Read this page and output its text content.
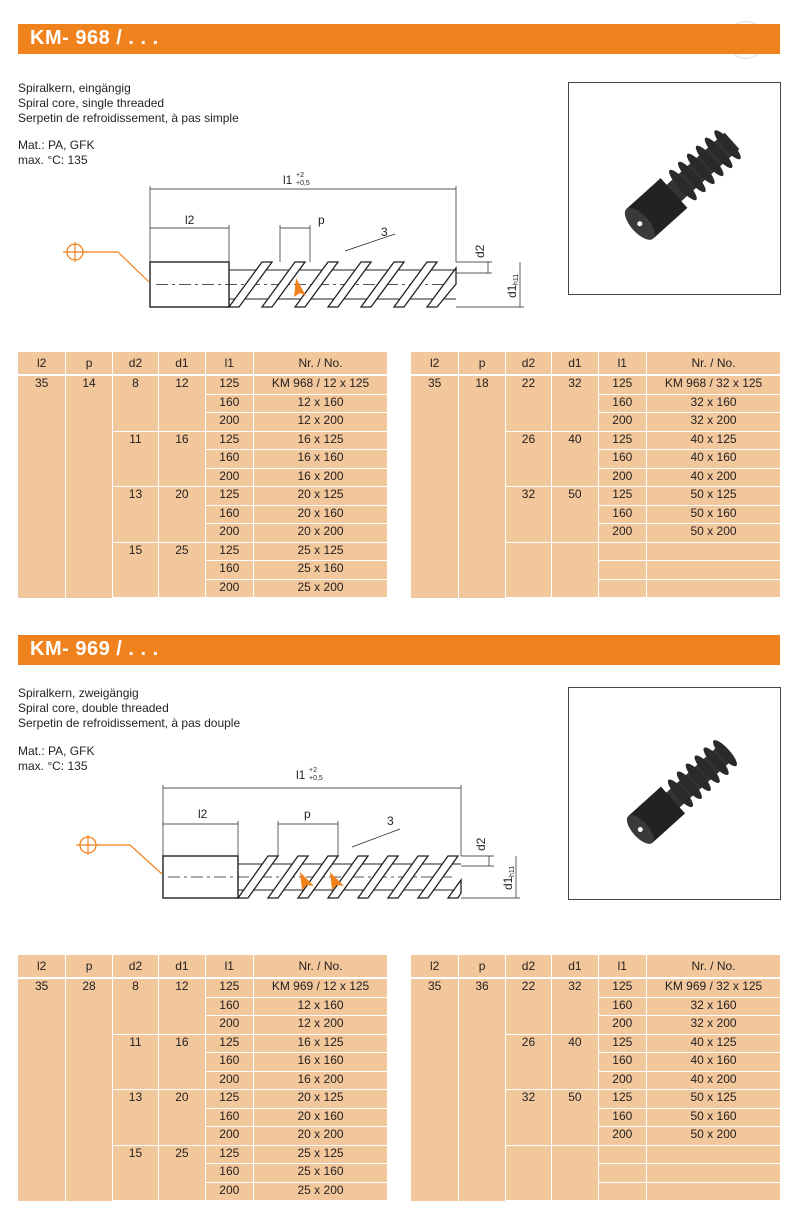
KM- 968 / . . .
Spiralkern, eingängig
Spiral core, single threaded
Serpetin de refroidissement, à pas simple
Mat.: PA, GFK
max. °C: 135
l1 +2
+0,5
l2	p
3
d2
d1
h11
l2	p	d2	d1	l1	Nr. / No.
35	14	8	12	125	KM 968 / 12 x 125
				160	12 x 160
				200	12 x 200
		11	16	125	16 x 125
				160	16 x 160
				200	16 x 200
		13	20	125	20 x 125
				160	20 x 160
				200	20 x 200
		15	25	125	25 x 125
				160	25 x 160
				200	25 x 200
l2	p	d2	d1	l1	Nr. / No.
35	18	22	32	125	KM 968 / 32 x 125
				160	32 x 160
				200	32 x 200
		26	40	125	40 x 125
				160	40 x 160
				200	40 x 200
		32	50	125	50 x 125
				160	50 x 160
				200	50 x 200

KM- 969 / . . .
Spiralkern, zweigängig
Spiral core, double threaded
Serpetin de refroidissement, à pas douple
Mat.: PA, GFK
max. °C: 135
l1 +2
+0,5
l2	p	3
d2
d1
h11
l2	p	d2	d1	l1	Nr. / No.
35	28	8	12	125	KM 969 / 12 x 125
				160	12 x 160
				200	12 x 200
		11	16	125	16 x 125
				160	16 x 160
				200	16 x 200
		13	20	125	20 x 125
				160	20 x 160
				200	20 x 200
		15	25	125	25 x 125
				160	25 x 160
				200	25 x 200
l2	p	d2	d1	l1	Nr. / No.
35	36	22	32	125	KM 969 / 32 x 125
				160	32 x 160
				200	32 x 200
		26	40	125	40 x 125
				160	40 x 160
				200	40 x 200
		32	50	125	50 x 125
				160	50 x 160
				200	50 x 200
